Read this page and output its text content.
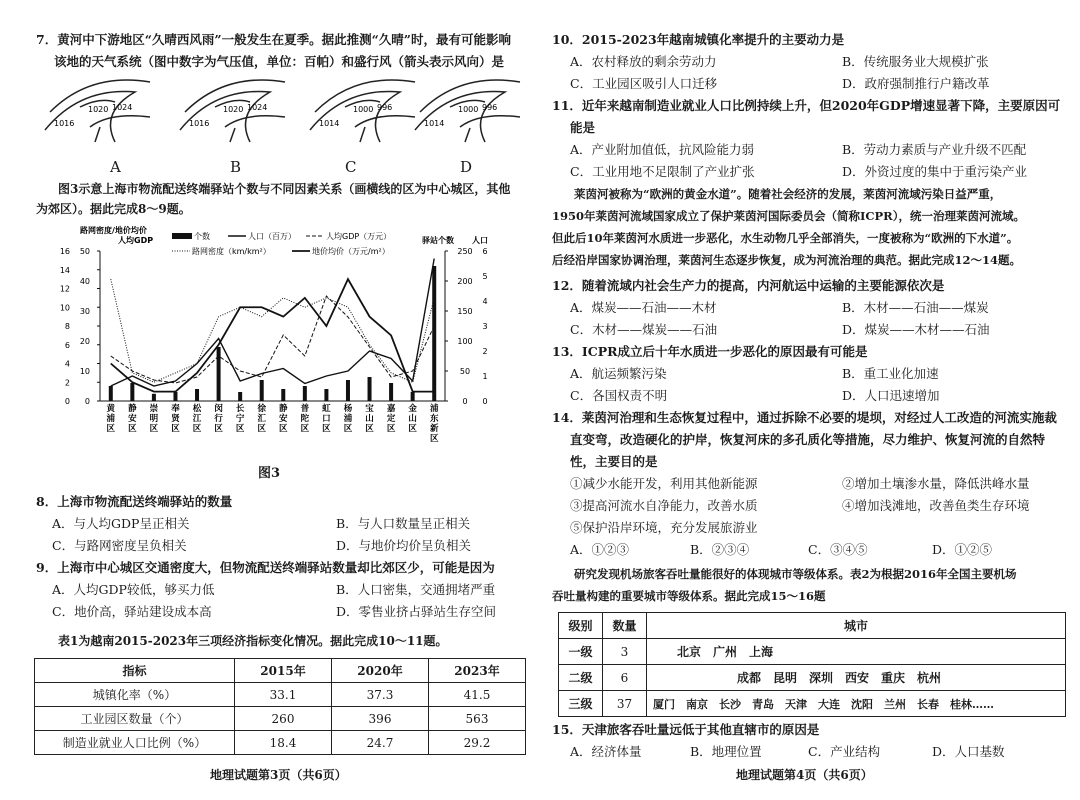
7．黄河中下游地区“久晴西风雨”一般发生在夏季。据此推测“久晴”时，最有可能影响
该地的天气系统（图中数字为气压值，单位：百帕）和盛行风（箭头表示风向）是
1016
1020 1024
1016
1020 1024
1014
1000 996
1014
1000 996
A	B	C	D
图3示意上海市物流配送终端驿站个数与不同因素关系（画横线的区为中心城区，其他
为郊区）。据此完成8～9题。
路网密度/地价均价
人均GDP	驿站个数 人口
个数	人口（百万）	人均GDP（万元）
路网密度（km/km²）	地价均价（万元/m²）
0
2
4
6
8
10
12
14
16
0
10
20
30
40
50
0
50
100
150
200
250
0
1
2
3
4
5
6
黄浦区
静安区
崇明区
奉贤区
松江区
闵行区
长宁区
徐汇区
静安区
普陀区
虹口区
杨浦区
宝山区
嘉定区
金山区
浦东新区
图3
8．上海市物流配送终端驿站的数量
A．与人均GDP呈正相关	B．与人口数量呈正相关
C．与路网密度呈负相关	D．与地价均价呈负相关
9．上海市中心城区交通密度大，但物流配送终端驿站数量却比郊区少，可能是因为
A．人均GDP较低，够买力低	B．人口密集，交通拥堵严重
C．地价高，驿站建设成本高	D．零售业挤占驿站生存空间
表1为越南2015-2023年三项经济指标变化情况。据此完成10～11题。
指标	2015年	2020年	2023年
城镇化率（%）	33.1	37.3	41.5
工业园区数量（个）	260	396	563
制造业就业人口比例（%）	18.4	24.7	29.2
地理试题第3页（共6页）
10．2015-2023年越南城镇化率提升的主要动力是
A．农村释放的剩余劳动力	B．传统服务业大规模扩张
C．工业园区吸引人口迁移	D．政府强制推行户籍改革
11．近年来越南制造业就业人口比例持续上升，但2020年GDP增速显著下降，主要原因可
能是
A．产业附加值低，抗风险能力弱	B．劳动力素质与产业升级不匹配
C．工业用地不足限制了产业扩张	D．外资过度的集中于重污染产业
莱茵河被称为“欧洲的黄金水道”。随着社会经济的发展，莱茵河流域污染日益严重，
1950年莱茵河流域国家成立了保护莱茵河国际委员会（简称ICPR），统一治理莱茵河流域。
但此后10年莱茵河水质进一步恶化，水生动物几乎全部消失，一度被称为“欧洲的下水道”。
后经沿岸国家协调治理，莱茵河生态逐步恢复，成为河流治理的典范。据此完成12～14题。
12．随着流域内社会生产力的提高，内河航运中运输的主要能源依次是
A．煤炭——石油——木材	B．木材——石油——煤炭
C．木材——煤炭——石油	D．煤炭——木材——石油
13．ICPR成立后十年水质进一步恶化的原因最有可能是
A．航运频繁污染	B．重工业化加速
C．各国权责不明	D．人口迅速增加
14．莱茵河治理和生态恢复过程中，通过拆除不必要的堤坝，对经过人工改造的河流实施裁
直变弯，改造硬化的护岸，恢复河床的多孔质化等措施，尽力维护、恢复河流的自然特
性，主要目的是
①减少水能开发，利用其他新能源	②增加土壤渗水量，降低洪峰水量
③提高河流水自净能力，改善水质	④增加浅滩地，改善鱼类生存环境
⑤保护沿岸环境，充分发展旅游业
A．①②③	B．②③④	C．③④⑤	D．①②⑤
研究发现机场旅客吞吐量能很好的体现城市等级体系。表2为根据2016年全国主要机场
吞吐量构建的重要城市等级体系。据此完成15～16题
级别	数量	城市
一级	3	北京　广州　上海
二级	6	成都　昆明　深圳　西安　重庆　杭州
三级	37	厦门　南京　长沙　青岛　天津　大连　沈阳　兰州　长春　桂林……
15．天津旅客吞吐量远低于其他直辖市的原因是
A．经济体量	B．地理位置	C．产业结构	D．人口基数
地理试题第4页（共6页）
